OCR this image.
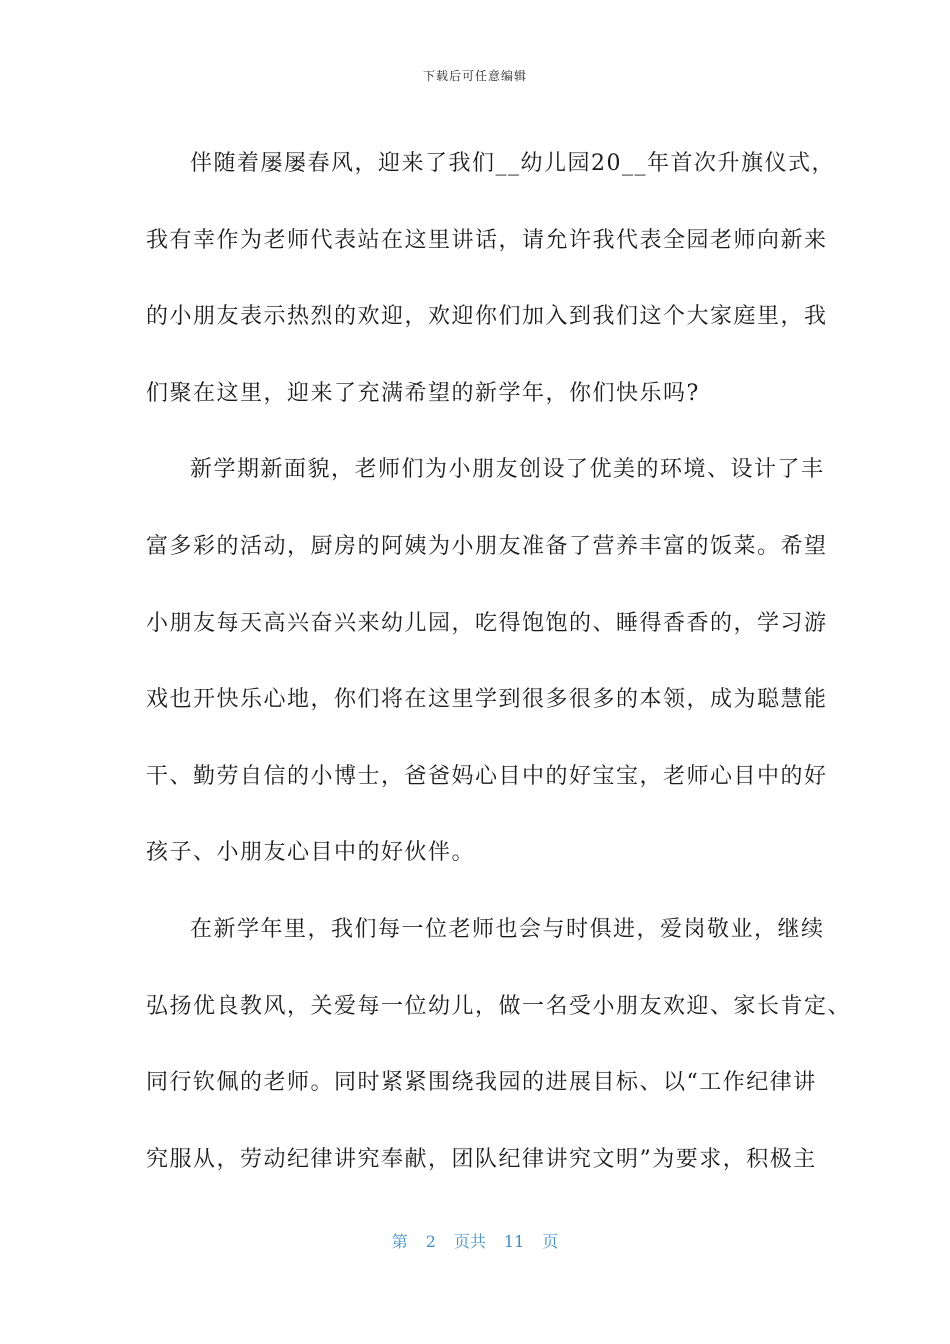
下载后可任意编辑

伴随着屡屡春风，迎来了我们__幼儿园20__年首次升旗仪式，
我有幸作为老师代表站在这里讲话，请允许我代表全园老师向新来
的小朋友表示热烈的欢迎，欢迎你们加入到我们这个大家庭里，我
们聚在这里，迎来了充满希望的新学年，你们快乐吗?

新学期新面貌，老师们为小朋友创设了优美的环境、设计了丰
富多彩的活动，厨房的阿姨为小朋友准备了营养丰富的饭菜。希望
小朋友每天高兴奋兴来幼儿园，吃得饱饱的、睡得香香的，学习游
戏也开快乐心地，你们将在这里学到很多很多的本领，成为聪慧能
干、勤劳自信的小博士，爸爸妈心目中的好宝宝，老师心目中的好
孩子、小朋友心目中的好伙伴。

在新学年里，我们每一位老师也会与时俱进，爱岗敬业，继续
弘扬优良教风，关爱每一位幼儿，做一名受小朋友欢迎、家长肯定、
同行钦佩的老师。同时紧紧围绕我园的进展目标、以“工作纪律讲
究服从，劳动纪律讲究奉献，团队纪律讲究文明”为要求，积极主

第 2 页共 11 页
